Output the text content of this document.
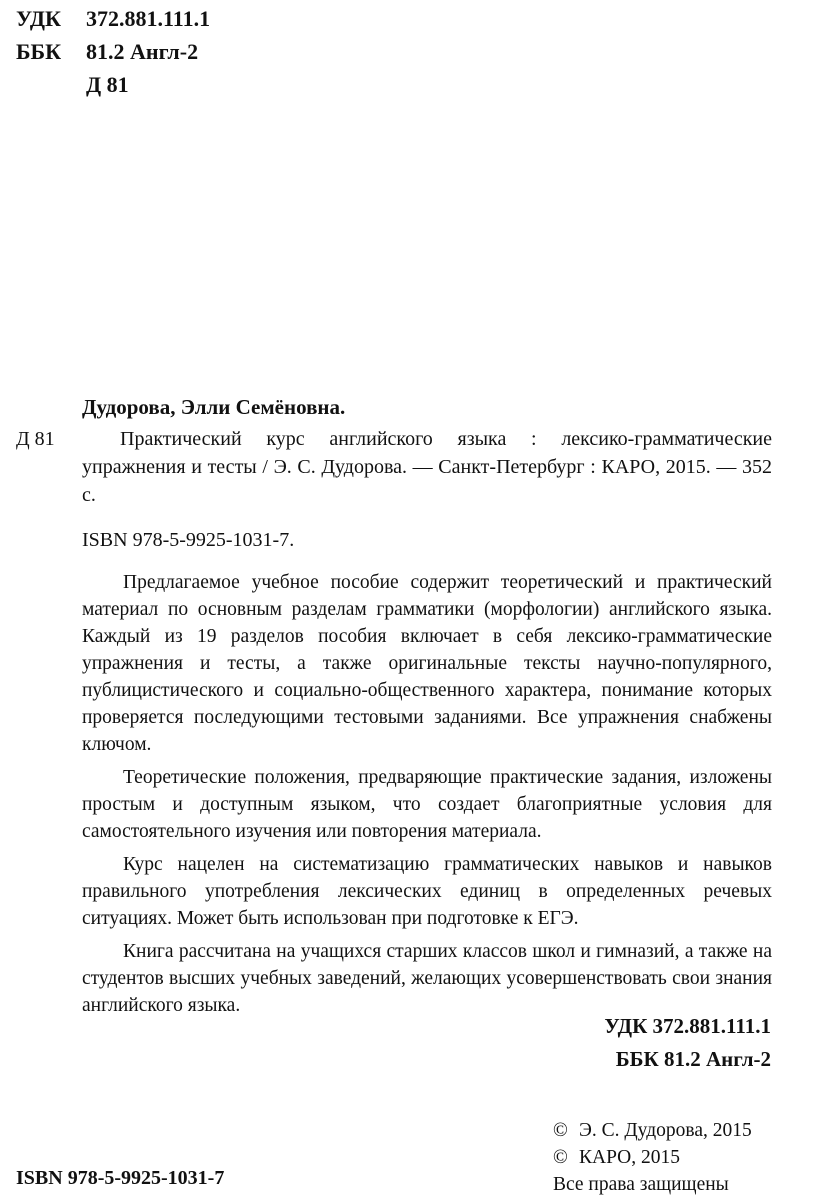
УДК	372.881.111.1
ББК	81.2 Англ-2
Д 81
Дудорова, Элли Семёновна.
Д 81	Практический курс английского языка : лексико-грамматические упражнения и тесты / Э. С. Дудорова. — Санкт-Петербург : КАРО, 2015. — 352 с.
ISBN 978-5-9925-1031-7.

Предлагаемое учебное пособие содержит теоретический и практический материал по основным разделам грамматики (морфологии) английского языка. Каждый из 19 разделов пособия включает в себя лексико-грамматические упражнения и тесты, а также оригинальные тексты научно-популярного, публицистического и социально-общественного характера, понимание которых проверяется последующими тестовыми заданиями. Все упражнения снабжены ключом.

Теоретические положения, предваряющие практические задания, изложены простым и доступным языком, что создает благоприятные условия для самостоятельного изучения или повторения материала.

Курс нацелен на систематизацию грамматических навыков и навыков правильного употребления лексических единиц в определенных речевых ситуациях. Может быть использован при подготовке к ЕГЭ.

Книга рассчитана на учащихся старших классов школ и гимназий, а также на студентов высших учебных заведений, желающих усовершенствовать свои знания английского языка.

УДК 372.881.111.1
ББК 81.2 Англ-2
ISBN 978-5-9925-1031-7
© Э. С. Дудорова, 2015
© КАРО, 2015
Все права защищены
